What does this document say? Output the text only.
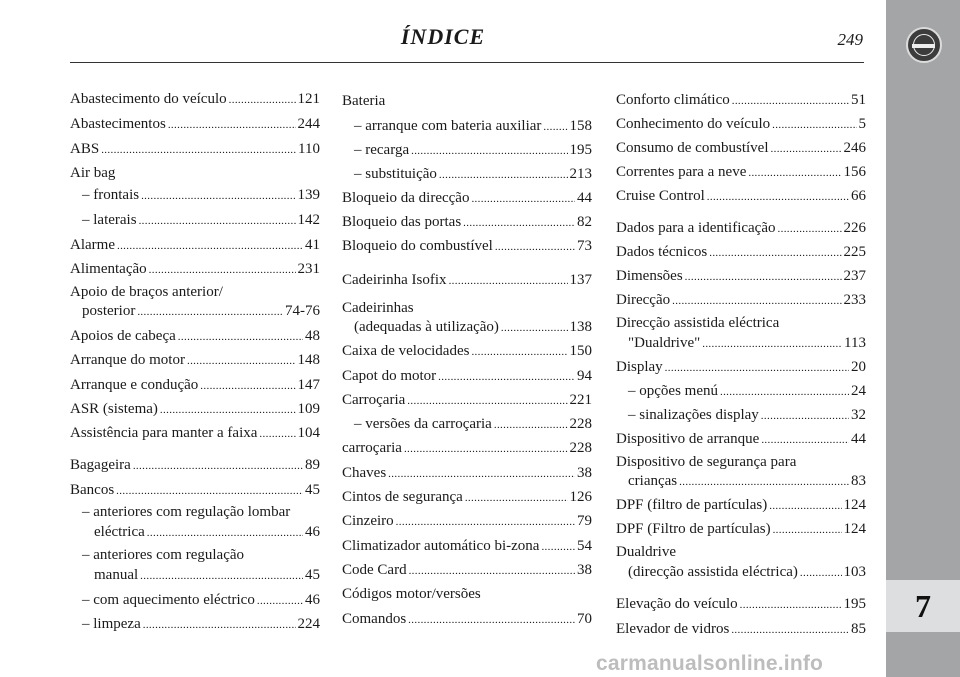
ÍNDICE	249
7
Abastecimento do veículo . . .	121
Abastecimentos . . .	244
ABS . . .	110
Air bag
– frontais . . .	139
– laterais . . .	142
Alarme . . .	41
Alimentação . . .	231
Apoio de braços anterior/
posterior . . .	74-76
Apoios de cabeça . . .	48
Arranque do motor . . .	148
Arranque e condução . . .	147
ASR (sistema) . . .	109
Assistência para manter a faixa . . .	104
Bagageira . . .	89
Bancos . . .	45
– anteriores com regulação lombar
eléctrica . . .	46
– anteriores com regulação
manual . . .	45
– com aquecimento eléctrico . . .	46
– limpeza . . .	224
Bateria
– arranque com bateria auxiliar . . . 158
– recarga . . .	195
– substituição . . .	213
Bloqueio da direcção . . .	44
Bloqueio das portas . . .	82
Bloqueio do combustível . . .	73
Cadeirinha Isofix . . .	137
Cadeirinhas
(adequadas à utilização) . . .	138
Caixa de velocidades . . .	150
Capot do motor . . .	94
Carroçaria . . .	221
– versões da carroçaria . . .	228
carroçaria . . .	228
Chaves . . .	38
Cintos de segurança . . .	126
Cinzeiro . . .	79
Climatizador automático bi-zona . . .	54
Code Card . . .	38
Códigos motor/versões
Comandos . . .	70
Conforto climático . . .	51
Conhecimento do veículo . . .	5
Consumo de combustível . . .	246
Correntes para a neve . . .	156
Cruise Control . . .	66
Dados para a identificação . . .	226
Dados técnicos . . .	225
Dimensões . . .	237
Direcção . . .	233
Direcção assistida eléctrica
"Dualdrive" . . .	113
Display . . .	20
– opções menú . . .	24
– sinalizações display . . .	32
Dispositivo de arranque . . .	44
Dispositivo de segurança para
crianças . . .	83
DPF (filtro de partículas) . . .	124
DPF (Filtro de partículas) . . .	124
Dualdrive
(direcção assistida eléctrica) . . .	103
Elevação do veículo . . .	195
Elevador de vidros . . .	85
carmanualsonline.info
